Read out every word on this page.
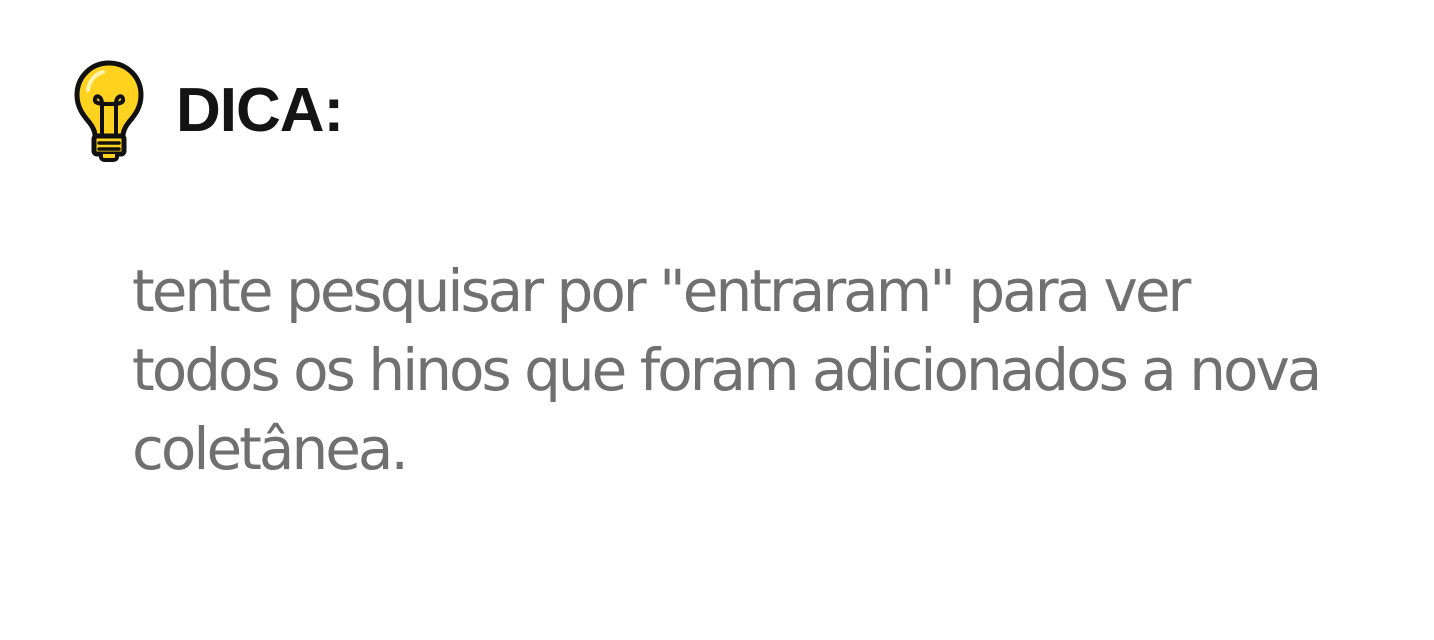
DICA:

tente pesquisar por "entraram" para ver todos os hinos que foram adicionados a nova coletânea.
